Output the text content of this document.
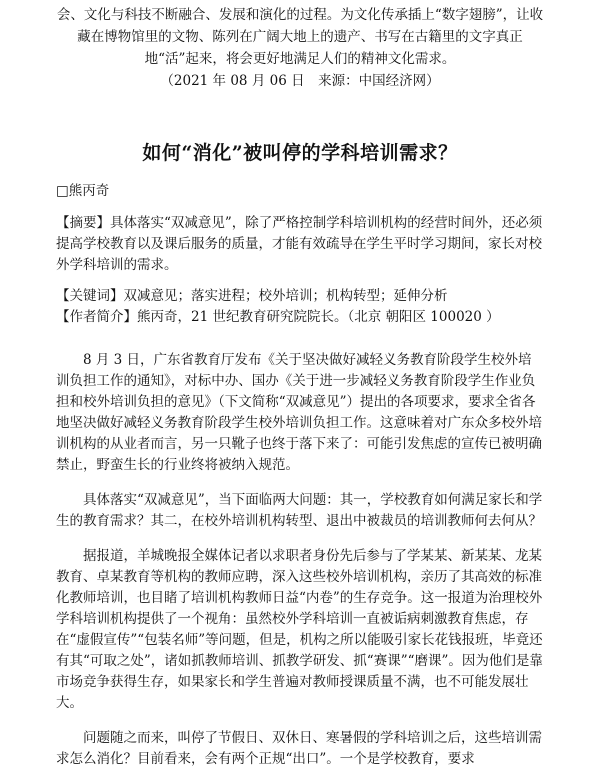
会、文化与科技不断融合、发展和演化的过程。为文化传承插上“数字翅膀”，让收藏在博物馆里的文物、陈列在广阔大地上的遗产、书写在古籍里的文字真正地“活”起来，将会更好地满足人们的精神文化需求。

（2021 年 08 月 06 日　来源：中国经济网）

如何“消化”被叫停的学科培训需求？
□熊丙奇

【摘要】具体落实“双减意见”，除了严格控制学科培训机构的经营时间外，还必须提高学校教育以及课后服务的质量，才能有效疏导在学生平时学习期间，家长对校外学科培训的需求。

【关键词】双减意见；落实进程；校外培训；机构转型；延伸分析

【作者简介】熊丙奇，21 世纪教育研究院院长。（北京 朝阳区 100020 ）

8 月 3 日，广东省教育厅发布《关于坚决做好减轻义务教育阶段学生校外培训负担工作的通知》，对标中办、国办《关于进一步减轻义务教育阶段学生作业负担和校外培训负担的意见》（下文简称“双减意见”）提出的各项要求，要求全省各地坚决做好减轻义务教育阶段学生校外培训负担工作。这意味着对广东众多校外培训机构的从业者而言，另一只靴子也终于落下来了：可能引发焦虑的宣传已被明确禁止，野蛮生长的行业终将被纳入规范。

具体落实“双减意见”，当下面临两大问题：其一，学校教育如何满足家长和学生的教育需求？其二，在校外培训机构转型、退出中被裁员的培训教师何去何从？

据报道，羊城晚报全媒体记者以求职者身份先后参与了学某某、新某某、龙某教育、卓某教育等机构的教师应聘，深入这些校外培训机构，亲历了其高效的标准化教师培训，也目睹了培训机构教师日益“内卷”的生存竞争。这一报道为治理校外学科培训机构提供了一个视角：虽然校外学科培训一直被诟病刺激教育焦虑，存在“虚假宣传”“包装名师”等问题，但是，机构之所以能吸引家长花钱报班，毕竟还有其“可取之处”，诸如抓教师培训、抓教学研发、抓“赛课”“磨课”。因为他们是靠市场竞争获得生存，如果家长和学生普遍对教师授课质量不满，也不可能发展壮大。

问题随之而来，叫停了节假日、双休日、寒暑假的学科培训之后，这些培训需求怎么消化？目前看来，会有两个正规“出口”。一个是学校教育，要求
